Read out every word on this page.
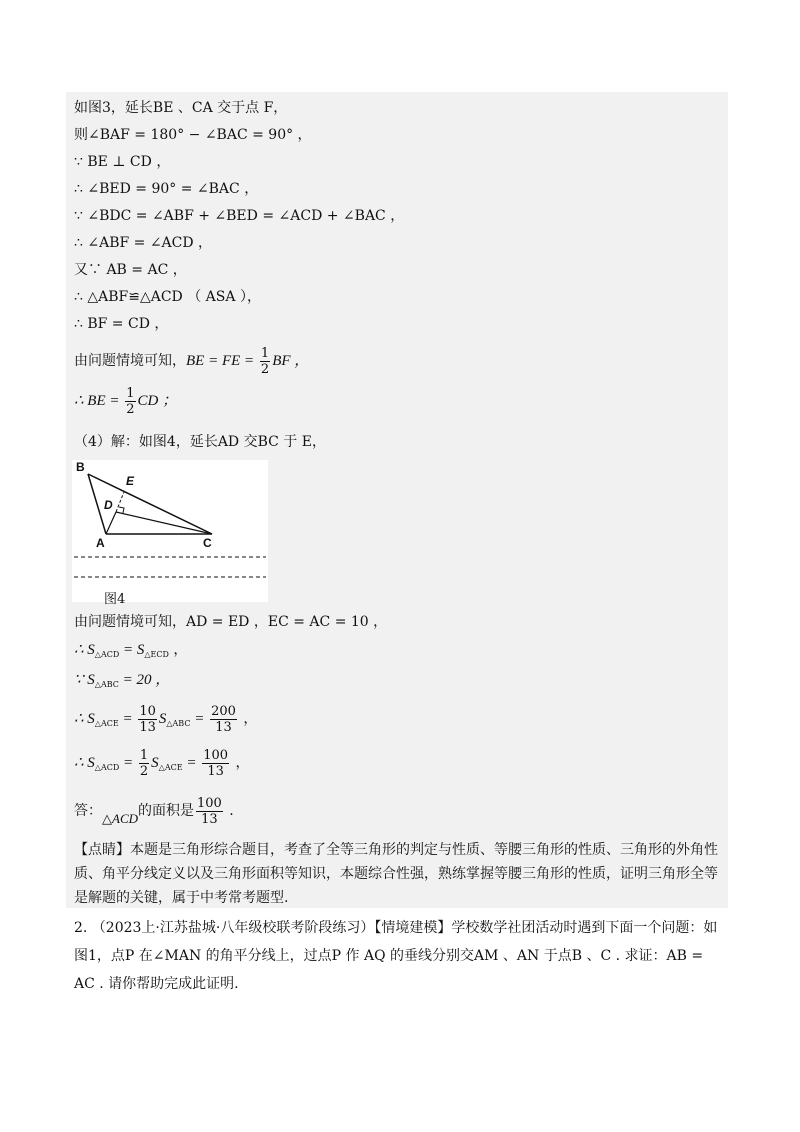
如图3，延长BE 、CA 交于点 F，
则∠BAF = 180° − ∠BAC = 90° ，
∵ BE ⊥ CD ，
∴ ∠BED = 90° = ∠BAC ，
∵ ∠BDC = ∠ABF + ∠BED = ∠ACD + ∠BAC ，
∴ ∠ABF = ∠ACD ，
又∵ AB = AC ，
∴ △ABF≌△ACD （ ASA ），
∴ BF = CD ，
由问题情境可知，BE = FE = $\frac{1}{2}$ BF ，
∴ BE = $\frac{1}{2}$ CD ；
（4）解：如图4，延长AD 交BC 于 E，
B
E
D
A	C
图4
由问题情境可知，AD = ED ，EC = AC = 10 ，
∴ $S_{\triangle ACD} = S_{\triangle ECD}$ ，
∵ $S_{\triangle ABC} = 20$ ，
∴ $S_{\triangle ACE} = \frac{10}{13} S_{\triangle ABC} = \frac{200}{13}$ ，
∴ $S_{\triangle ACD} = \frac{1}{2} S_{\triangle ACE} = \frac{100}{13}$ ，
答：△ACD的面积是 $\frac{100}{13}$ .
【点睛】本题是三角形综合题目，考查了全等三角形的判定与性质、等腰三角形的性质、三角形的外角性质、角平分线定义以及三角形面积等知识，本题综合性强，熟练掌握等腰三角形的性质，证明三角形全等是解题的关键，属于中考常考题型.
2. （2023上·江苏盐城·八年级校联考阶段练习）【情境建模】学校数学社团活动时遇到下面一个问题：如图1，点P 在∠MAN 的角平分线上，过点P 作 AQ 的垂线分别交AM 、AN 于点B 、C . 求证：AB = AC . 请你帮助完成此证明.
